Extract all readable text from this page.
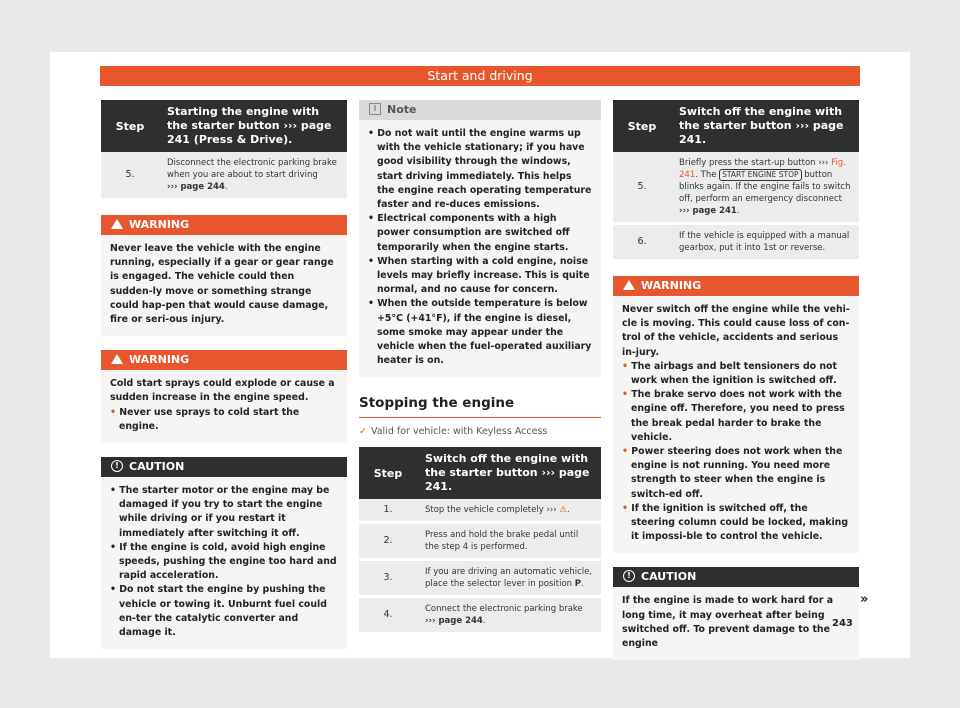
Start and driving
Step	Starting the engine with the starter button ››› page 241 (Press & Drive).
5.	Disconnect the electronic parking brake when you are about to start driving
››› page 244.
WARNING

Never leave the vehicle with the engine running, especially if a gear or gear range is engaged. The vehicle could then sudden-ly move or something strange could hap-pen that would cause damage, fire or seri-ous injury.

WARNING

Cold start sprays could explode or cause a sudden increase in the engine speed.

• Never use sprays to cold start the engine.

! CAUTION

• The starter motor or the engine may be damaged if you try to start the engine while driving or if you restart it immediately after switching it off.

• If the engine is cold, avoid high engine speeds, pushing the engine too hard and rapid acceleration.

• Do not start the engine by pushing the vehicle or towing it. Unburnt fuel could en-ter the catalytic converter and damage it.

i Note

• Do not wait until the engine warms up with the vehicle stationary; if you have good visibility through the windows, start driving immediately. This helps the engine reach operating temperature faster and re-duces emissions.

• Electrical components with a high power consumption are switched off temporarily when the engine starts.

• When starting with a cold engine, noise levels may briefly increase. This is quite normal, and no cause for concern.

• When the outside temperature is below +5°C (+41°F), if the engine is diesel, some smoke may appear under the vehicle when the fuel-operated auxiliary heater is on.

Stopping the engine
✓ Valid for vehicle: with Keyless Access
Step	Switch off the engine with the starter button ››› page 241.
1.	Stop the vehicle completely ››› ⚠.
2.	Press and hold the brake pedal until the step 4 is performed.
3.	If you are driving an automatic vehicle, place the selector lever in position P.
4.	Connect the electronic parking brake
››› page 244.
Step	Switch off the engine with the starter button ››› page 241.
5.	Briefly press the start-up button ››› Fig. 241. The START ENGINE STOP button blinks again. If the engine fails to switch off, perform an emergency disconnect ››› page 241.
6.	If the vehicle is equipped with a manual gearbox, put it into 1st or reverse.
WARNING

Never switch off the engine while the vehi-cle is moving. This could cause loss of con-trol of the vehicle, accidents and serious in-jury.

• The airbags and belt tensioners do not work when the ignition is switched off.

• The brake servo does not work with the engine off. Therefore, you need to press the break pedal harder to brake the vehicle.

• Power steering does not work when the engine is not running. You need more strength to steer when the engine is switch-ed off.

• If the ignition is switched off, the steering column could be locked, making it impossi-ble to control the vehicle.

! CAUTION

If the engine is made to work hard for a long time, it may overheat after being switched off. To prevent damage to the engine

»
243
